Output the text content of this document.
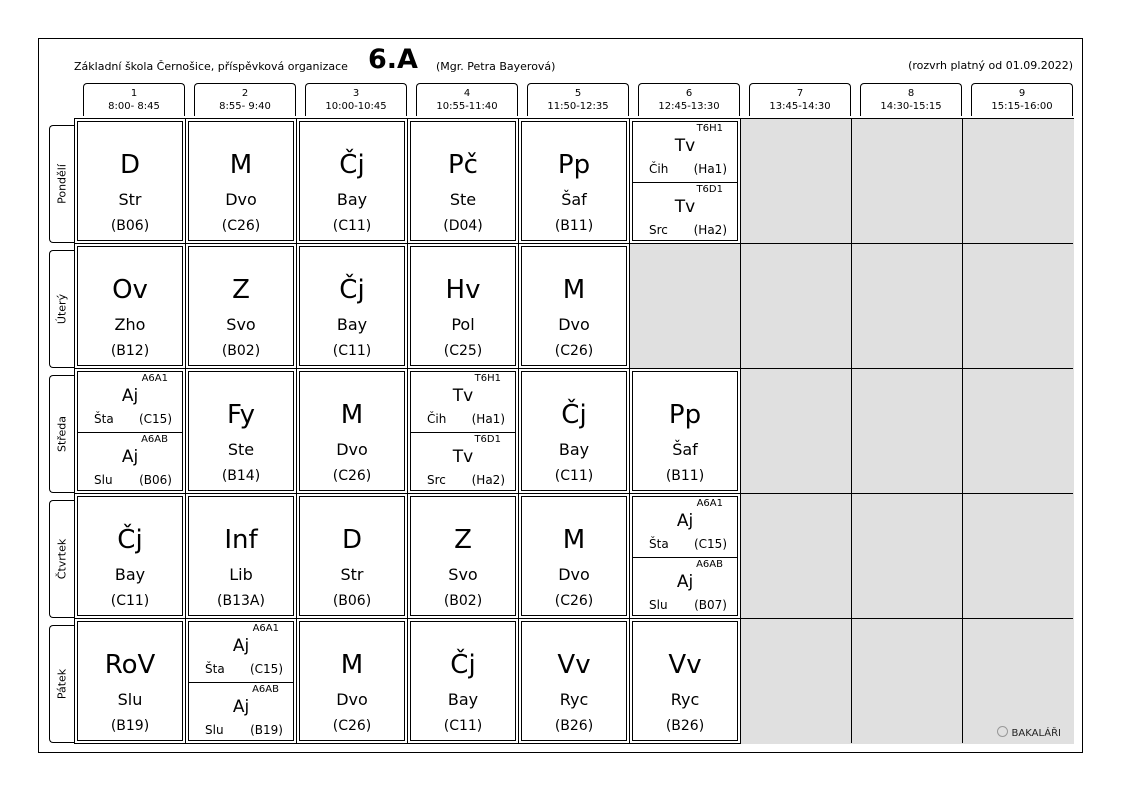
Základní škola Černošice, příspěvková organizace 6.A (Mgr. Petra Bayerová)	(rozvrh platný od 01.09.2022)
1
8:00- 8:45
2
8:55- 9:40
3
10:00-10:45
4
10:55-11:40
5
11:50-12:35
6
12:45-13:30
7
13:45-14:30
8
14:30-15:15
9
15:15-16:00
Pondělí
Úterý
Středa
Čtvrtek
Pátek
D
Str
(B06)
M
Dvo
(C26)
Čj
Bay
(C11)
Pč
Ste
(D04)
Pp
Šaf
(B11)
T6H1
Tv
Čih (Ha1)
T6D1
Tv
Src (Ha2)
Ov
Zho
(B12)
Z
Svo
(B02)
Čj
Bay
(C11)
Hv
Pol
(C25)
M
Dvo
(C26)
A6A1
Aj
Šta (C15)
A6AB
Aj
Slu (B06)
Fy
Ste
(B14)
M
Dvo
(C26)
T6H1
Tv
Čih (Ha1)
T6D1
Tv
Src (Ha2)
Čj
Bay
(C11)
Pp
Šaf
(B11)
Čj
Bay
(C11)
Inf
Lib
(B13A)
D
Str
(B06)
Z
Svo
(B02)
M
Dvo
(C26)
A6A1
Aj
Šta (C15)
A6AB
Aj
Slu (B07)
RoV
Slu
(B19)
A6A1
Aj
Šta (C15)
A6AB
Aj
Slu (B19)
M
Dvo
(C26)
Čj
Bay
(C11)
Vv
Ryc
(B26)
Vv
Ryc
(B26)	BAKALÁŘI
